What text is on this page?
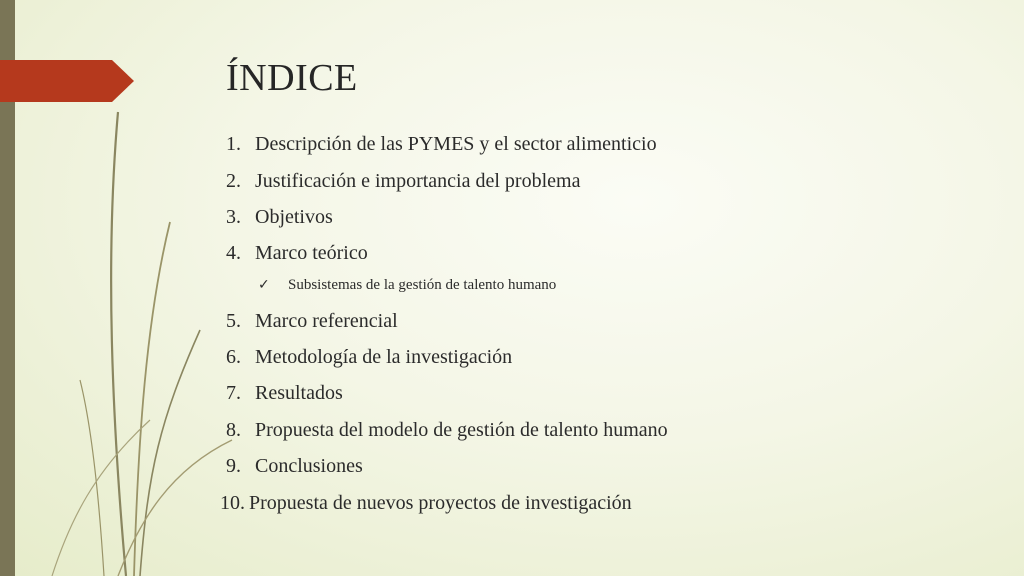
ÍNDICE
1. Descripción de las PYMES y el sector alimenticio
2. Justificación e importancia del problema
3. Objetivos
4. Marco teórico
✓ Subsistemas de la gestión de talento humano
5. Marco referencial
6. Metodología de la investigación
7. Resultados
8. Propuesta del modelo de gestión de talento humano
9. Conclusiones
10. Propuesta de nuevos proyectos de investigación
